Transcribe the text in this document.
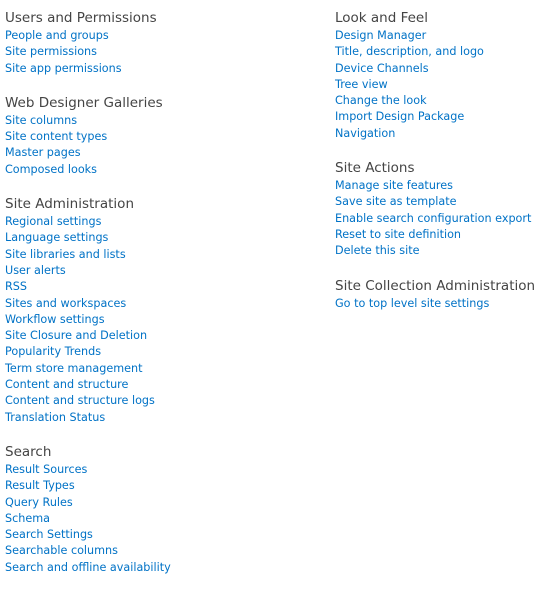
Users and Permissions
People and groups
Site permissions
Site app permissions
Web Designer Galleries
Site columns
Site content types
Master pages
Composed looks
Site Administration
Regional settings
Language settings
Site libraries and lists
User alerts
RSS
Sites and workspaces
Workflow settings
Site Closure and Deletion
Popularity Trends
Term store management
Content and structure
Content and structure logs
Translation Status
Search
Result Sources
Result Types
Query Rules
Schema
Search Settings
Searchable columns
Search and offline availability
Look and Feel
Design Manager
Title, description, and logo
Device Channels
Tree view
Change the look
Import Design Package
Navigation
Site Actions
Manage site features
Save site as template
Enable search configuration export
Reset to site definition
Delete this site
Site Collection Administration
Go to top level site settings
